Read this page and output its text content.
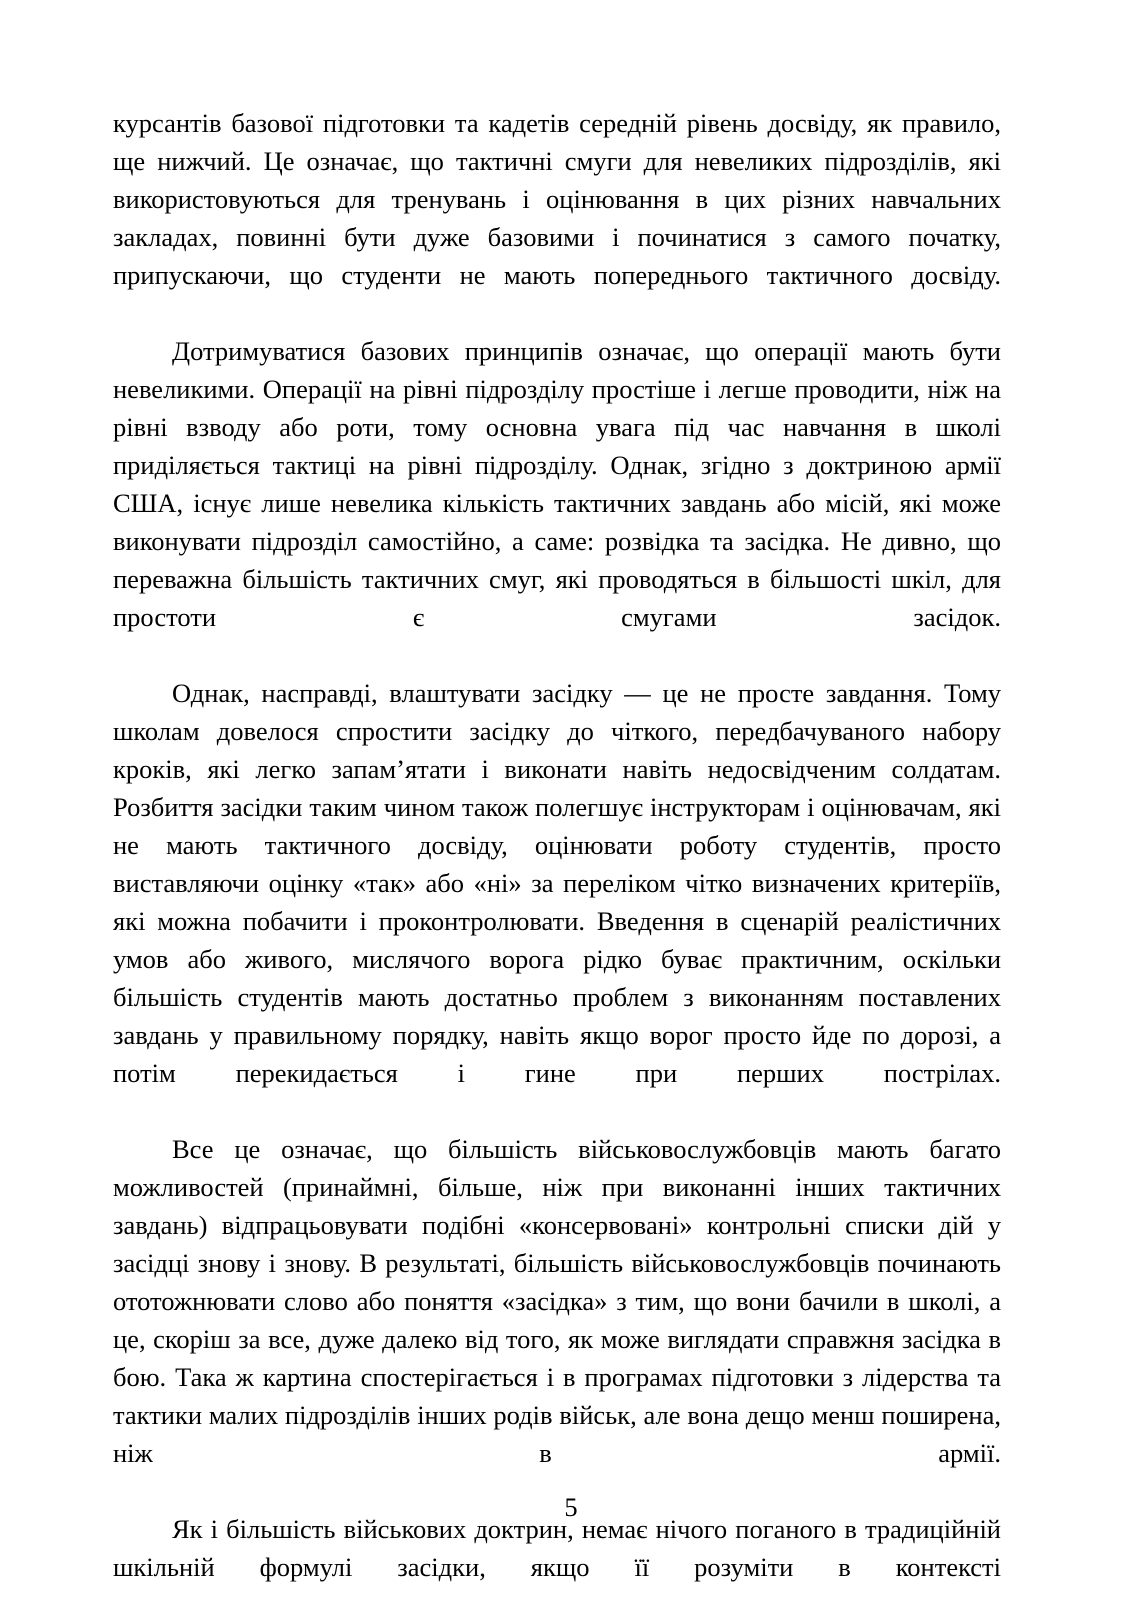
курсантів базової підготовки та кадетів середній рівень досвіду, як правило, ще нижчий. Це означає, що тактичні смуги для невеликих підрозділів, які використовуються для тренувань і оцінювання в цих різних навчальних закладах, повинні бути дуже базовими і починатися з самого початку, припускаючи, що студенти не мають попереднього тактичного досвіду.

Дотримуватися базових принципів означає, що операції мають бути невеликими. Операції на рівні підрозділу простіше і легше проводити, ніж на рівні взводу або роти, тому основна увага під час навчання в школі приділяється тактиці на рівні підрозділу. Однак, згідно з доктриною армії США, існує лише невелика кількість тактичних завдань або місій, які може виконувати підрозділ самостійно, а саме: розвідка та засідка. Не дивно, що переважна більшість тактичних смуг, які проводяться в більшості шкіл, для простоти є смугами засідок.

Однак, насправді, влаштувати засідку — це не просте завдання. Тому школам довелося спростити засідку до чіткого, передбачуваного набору кроків, які легко запам’ятати і виконати навіть недосвідченим солдатам. Розбиття засідки таким чином також полегшує інструкторам і оцінювачам, які не мають тактичного досвіду, оцінювати роботу студентів, просто виставляючи оцінку «так» або «ні» за переліком чітко визначених критеріїв, які можна побачити і проконтролювати. Введення в сценарій реалістичних умов або живого, мислячого ворога рідко буває практичним, оскільки більшість студентів мають достатньо проблем з виконанням поставлених завдань у правильному порядку, навіть якщо ворог просто йде по дорозі, а потім перекидається і гине при перших пострілах.

Все це означає, що більшість військовослужбовців мають багато можливостей (принаймні, більше, ніж при виконанні інших тактичних завдань) відпрацьовувати подібні «консервовані» контрольні списки дій у засідці знову і знову. В результаті, більшість військовослужбовців починають ототожнювати слово або поняття «засідка» з тим, що вони бачили в школі, а це, скоріш за все, дуже далеко від того, як може виглядати справжня засідка в бою. Така ж картина спостерігається і в програмах підготовки з лідерства та тактики малих підрозділів інших родів військ, але вона дещо менш поширена, ніж в армії.

Як і більшість військових доктрин, немає нічого поганого в традиційній шкільній формулі засідки, якщо її розуміти в контексті

5
